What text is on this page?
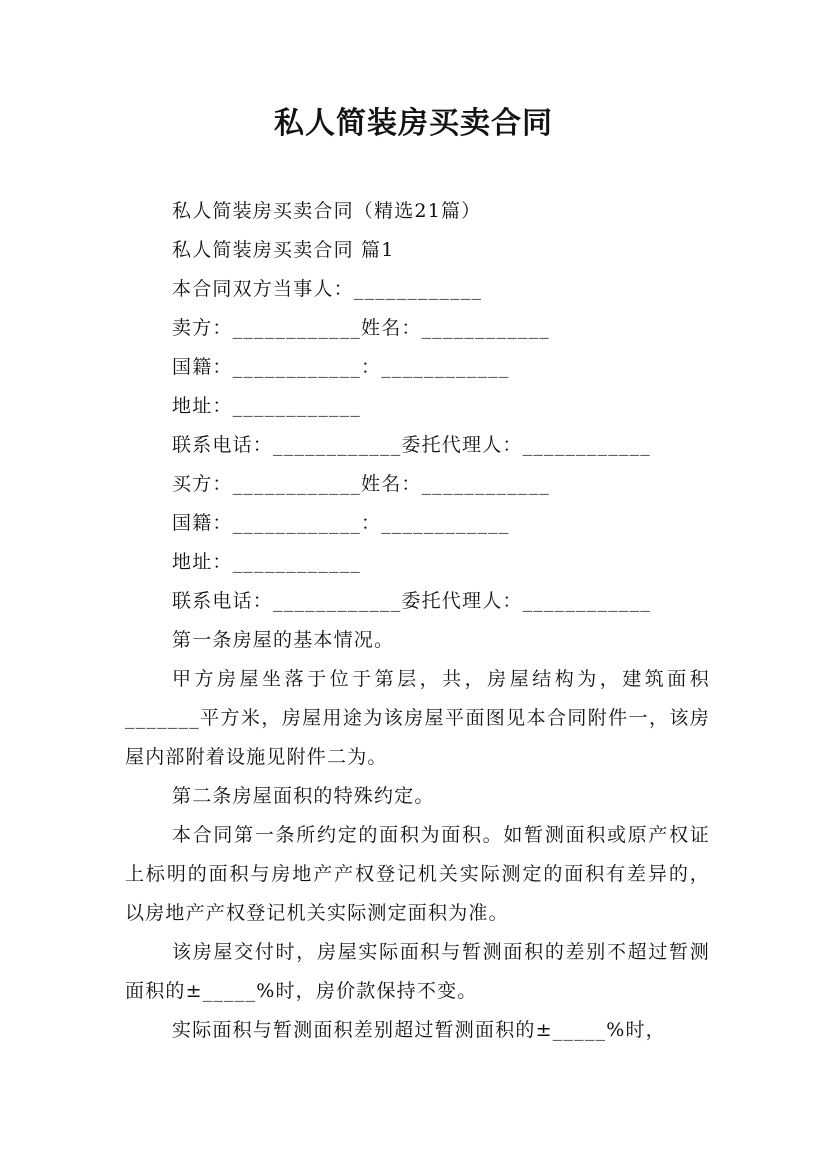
私人简装房买卖合同

私人简装房买卖合同（精选21篇）

私人简装房买卖合同 篇1

本合同双方当事人：____________

卖方：____________姓名：____________

国籍：____________：____________

地址：____________

联系电话：____________委托代理人：____________

买方：____________姓名：____________

国籍：____________：____________

地址：____________

联系电话：____________委托代理人：____________

第一条房屋的基本情况。

甲方房屋坐落于位于第层，共，房屋结构为，建筑面积_______平方米，房屋用途为该房屋平面图见本合同附件一，该房屋内部附着设施见附件二为。

第二条房屋面积的特殊约定。

本合同第一条所约定的面积为面积。如暂测面积或原产权证上标明的面积与房地产产权登记机关实际测定的面积有差异的，以房地产产权登记机关实际测定面积为准。

该房屋交付时，房屋实际面积与暂测面积的差别不超过暂测面积的±_____%时，房价款保持不变。

实际面积与暂测面积差别超过暂测面积的±_____%时，
